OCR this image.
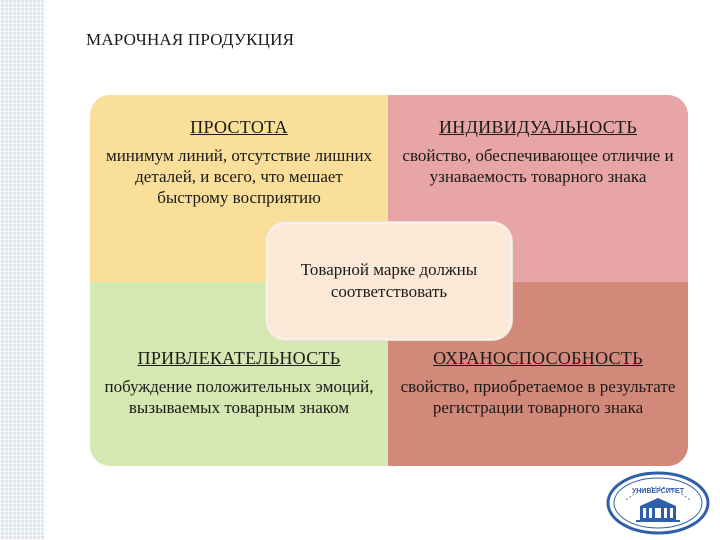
МАРОЧНАЯ ПРОДУКЦИЯ
ПРОСТОТА
минимум линий, отсутствие лишних деталей, и всего, что мешает быстрому восприятию
ИНДИВИДУАЛЬНОСТЬ
свойство, обеспечивающее отличие и узнаваемость товарного знака
ПРИВЛЕКАТЕЛЬНОСТЬ
побуждение положительных эмоций, вызываемых товарным знаком
ОХРАНОСПОСОБНОСТЬ
свойство, приобретаемое в результате регистрации товарного знака
Товарной марке должны соответствовать
УНИВЕРСИТЕТ
